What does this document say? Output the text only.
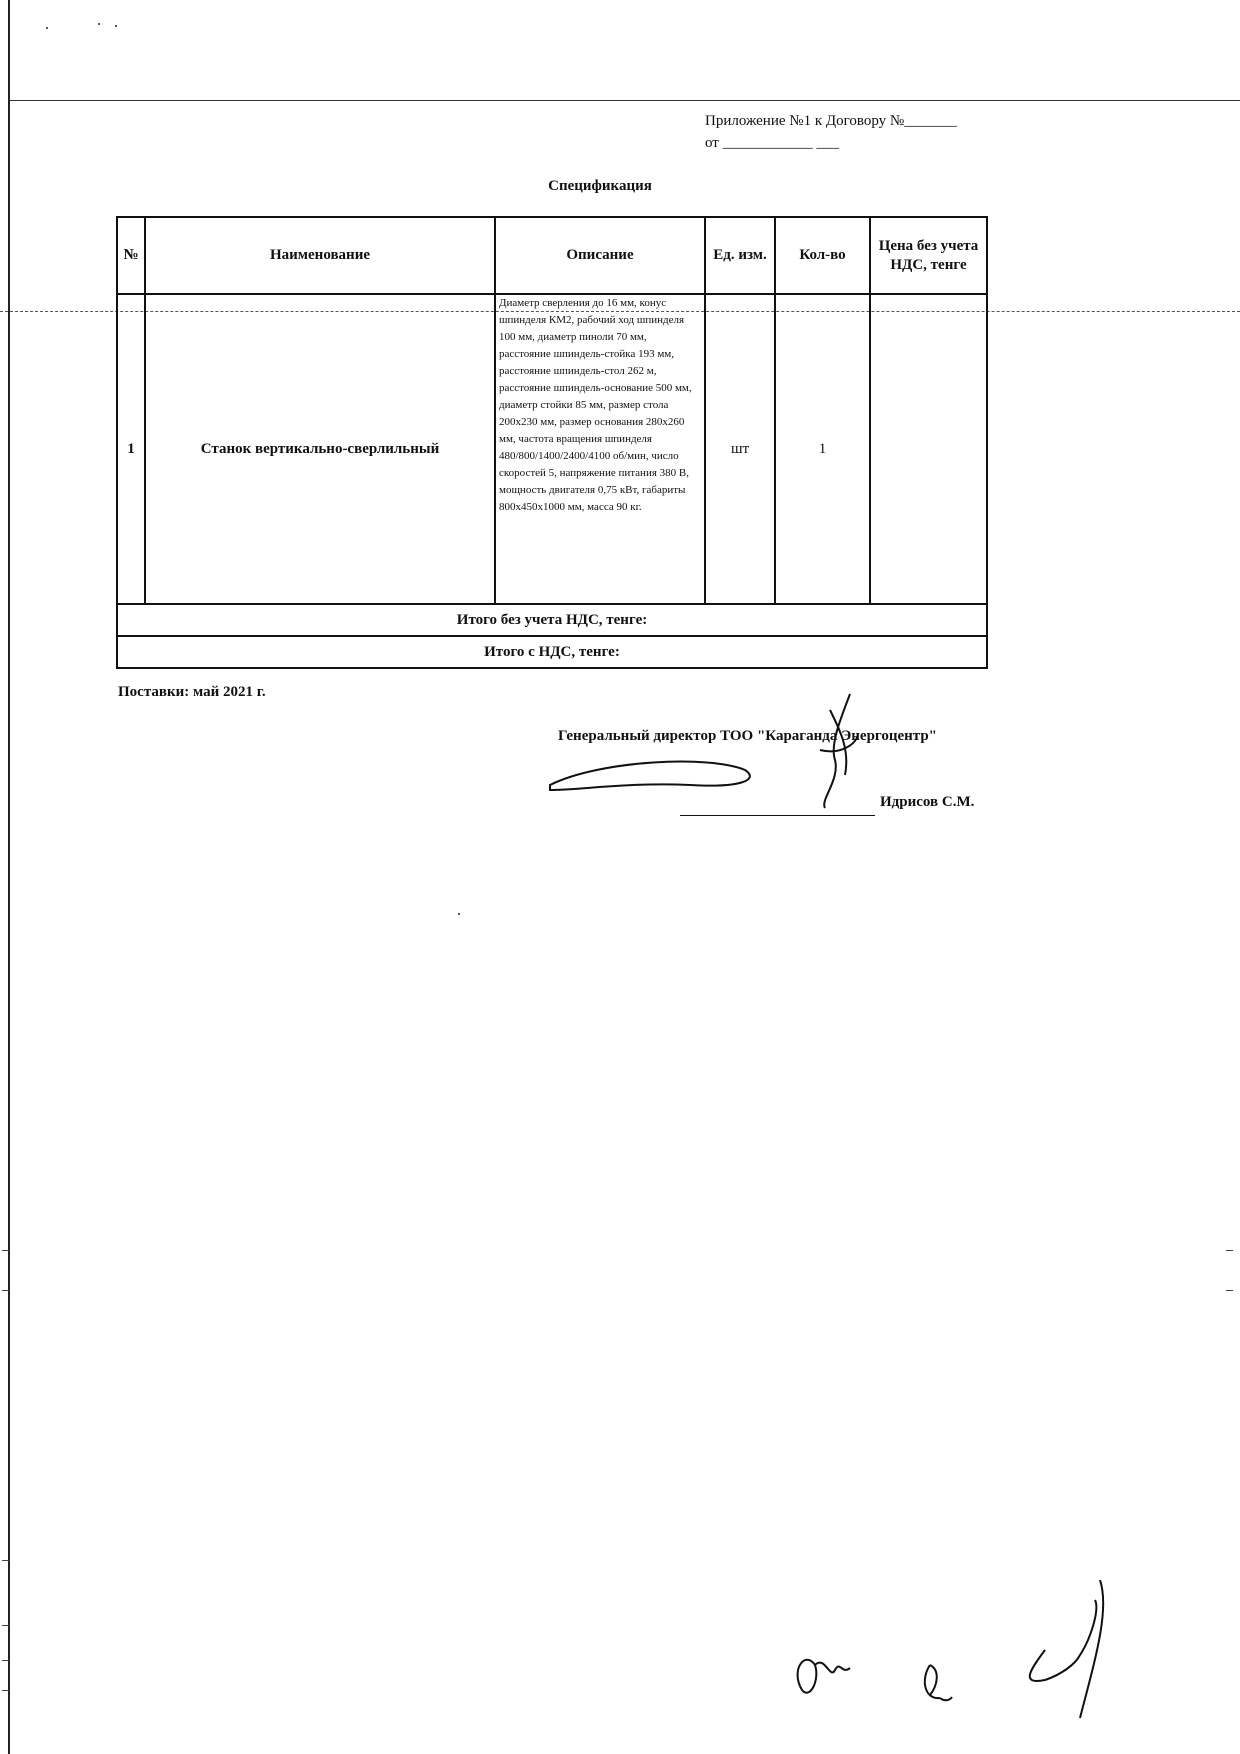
Приложение №1 к Договору №_______
от ____________ ___
Спецификация
№	Наименование	Описание	Ед. изм.	Кол-во	Цена без учета НДС, тенге
1	Станок вертикально-сверлильный	Диаметр сверления до 16 мм, конус шпинделя КМ2, рабочий ход шпинделя 100 мм, диаметр пиноли 70 мм, расстояние шпиндель-стойка 193 мм, расстояние шпиндель-стол 262 м, расстояние шпиндель-основание 500 мм, диаметр стойки 85 мм, размер стола 200х230 мм, размер основания 280х260 мм, частота вращения шпинделя 480/800/1400/2400/4100 об/мин, число скоростей 5, напряжение питания 380 В, мощность двигателя 0,75 кВт, габариты 800х450х1000 мм, масса 90 кг.	шт	1	
Итого без учета НДС, тенге:					
Итого с НДС, тенге:					
Поставки: май 2021 г.
Генеральный директор ТОО "Караганда Энергоцентр"
Идрисов С.М.
